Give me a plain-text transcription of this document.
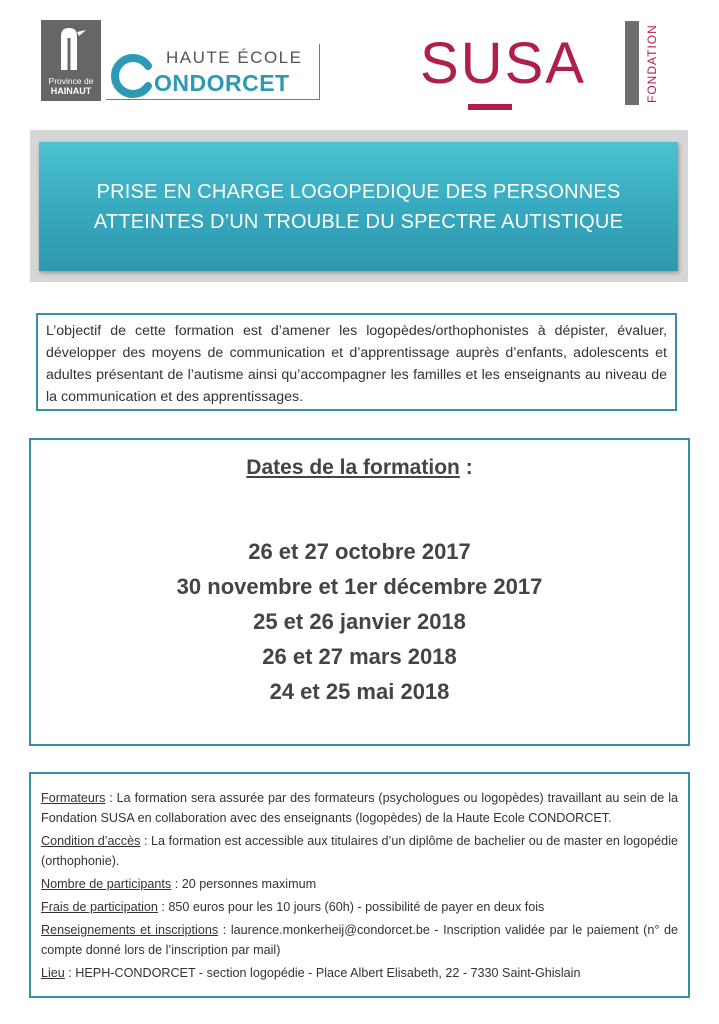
Province de
HAINAUT
HAUTE ÉCOLE
ONDORCET SUSA	FONDATION
PRISE EN CHARGE LOGOPEDIQUE DES PERSONNES
ATTEINTES D’UN TROUBLE DU SPECTRE AUTISTIQUE
L’objectif de cette formation est d’amener les logopèdes/orthophonistes à dépister, évaluer, développer des moyens de communication et d’apprentissage auprès d’enfants, adolescents et adultes présentant de l’autisme ainsi qu’accompagner les familles et les enseignants au niveau de la communication et des apprentissages.
Dates de la formation :
26 et 27 octobre 2017
30 novembre et 1er décembre 2017
25 et 26 janvier 2018
26 et 27 mars 2018
24 et 25 mai 2018

Formateurs : La formation sera assurée par des formateurs (psychologues ou logopèdes) travaillant au sein de la Fondation SUSA en collaboration avec des enseignants (logopèdes) de la Haute Ecole CONDORCET.

Condition d’accès : La formation est accessible aux titulaires d’un diplôme de bachelier ou de master en logopédie (orthophonie).

Nombre de participants : 20 personnes maximum

Frais de participation : 850 euros pour les 10 jours (60h) - possibilité de payer en deux fois

Renseignements et inscriptions : laurence.monkerheij@condorcet.be - Inscription validée par le paiement (n° de compte donné lors de l’inscription par mail)

Lieu : HEPH-CONDORCET - section logopédie - Place Albert Elisabeth, 22 - 7330 Saint-Ghislain
